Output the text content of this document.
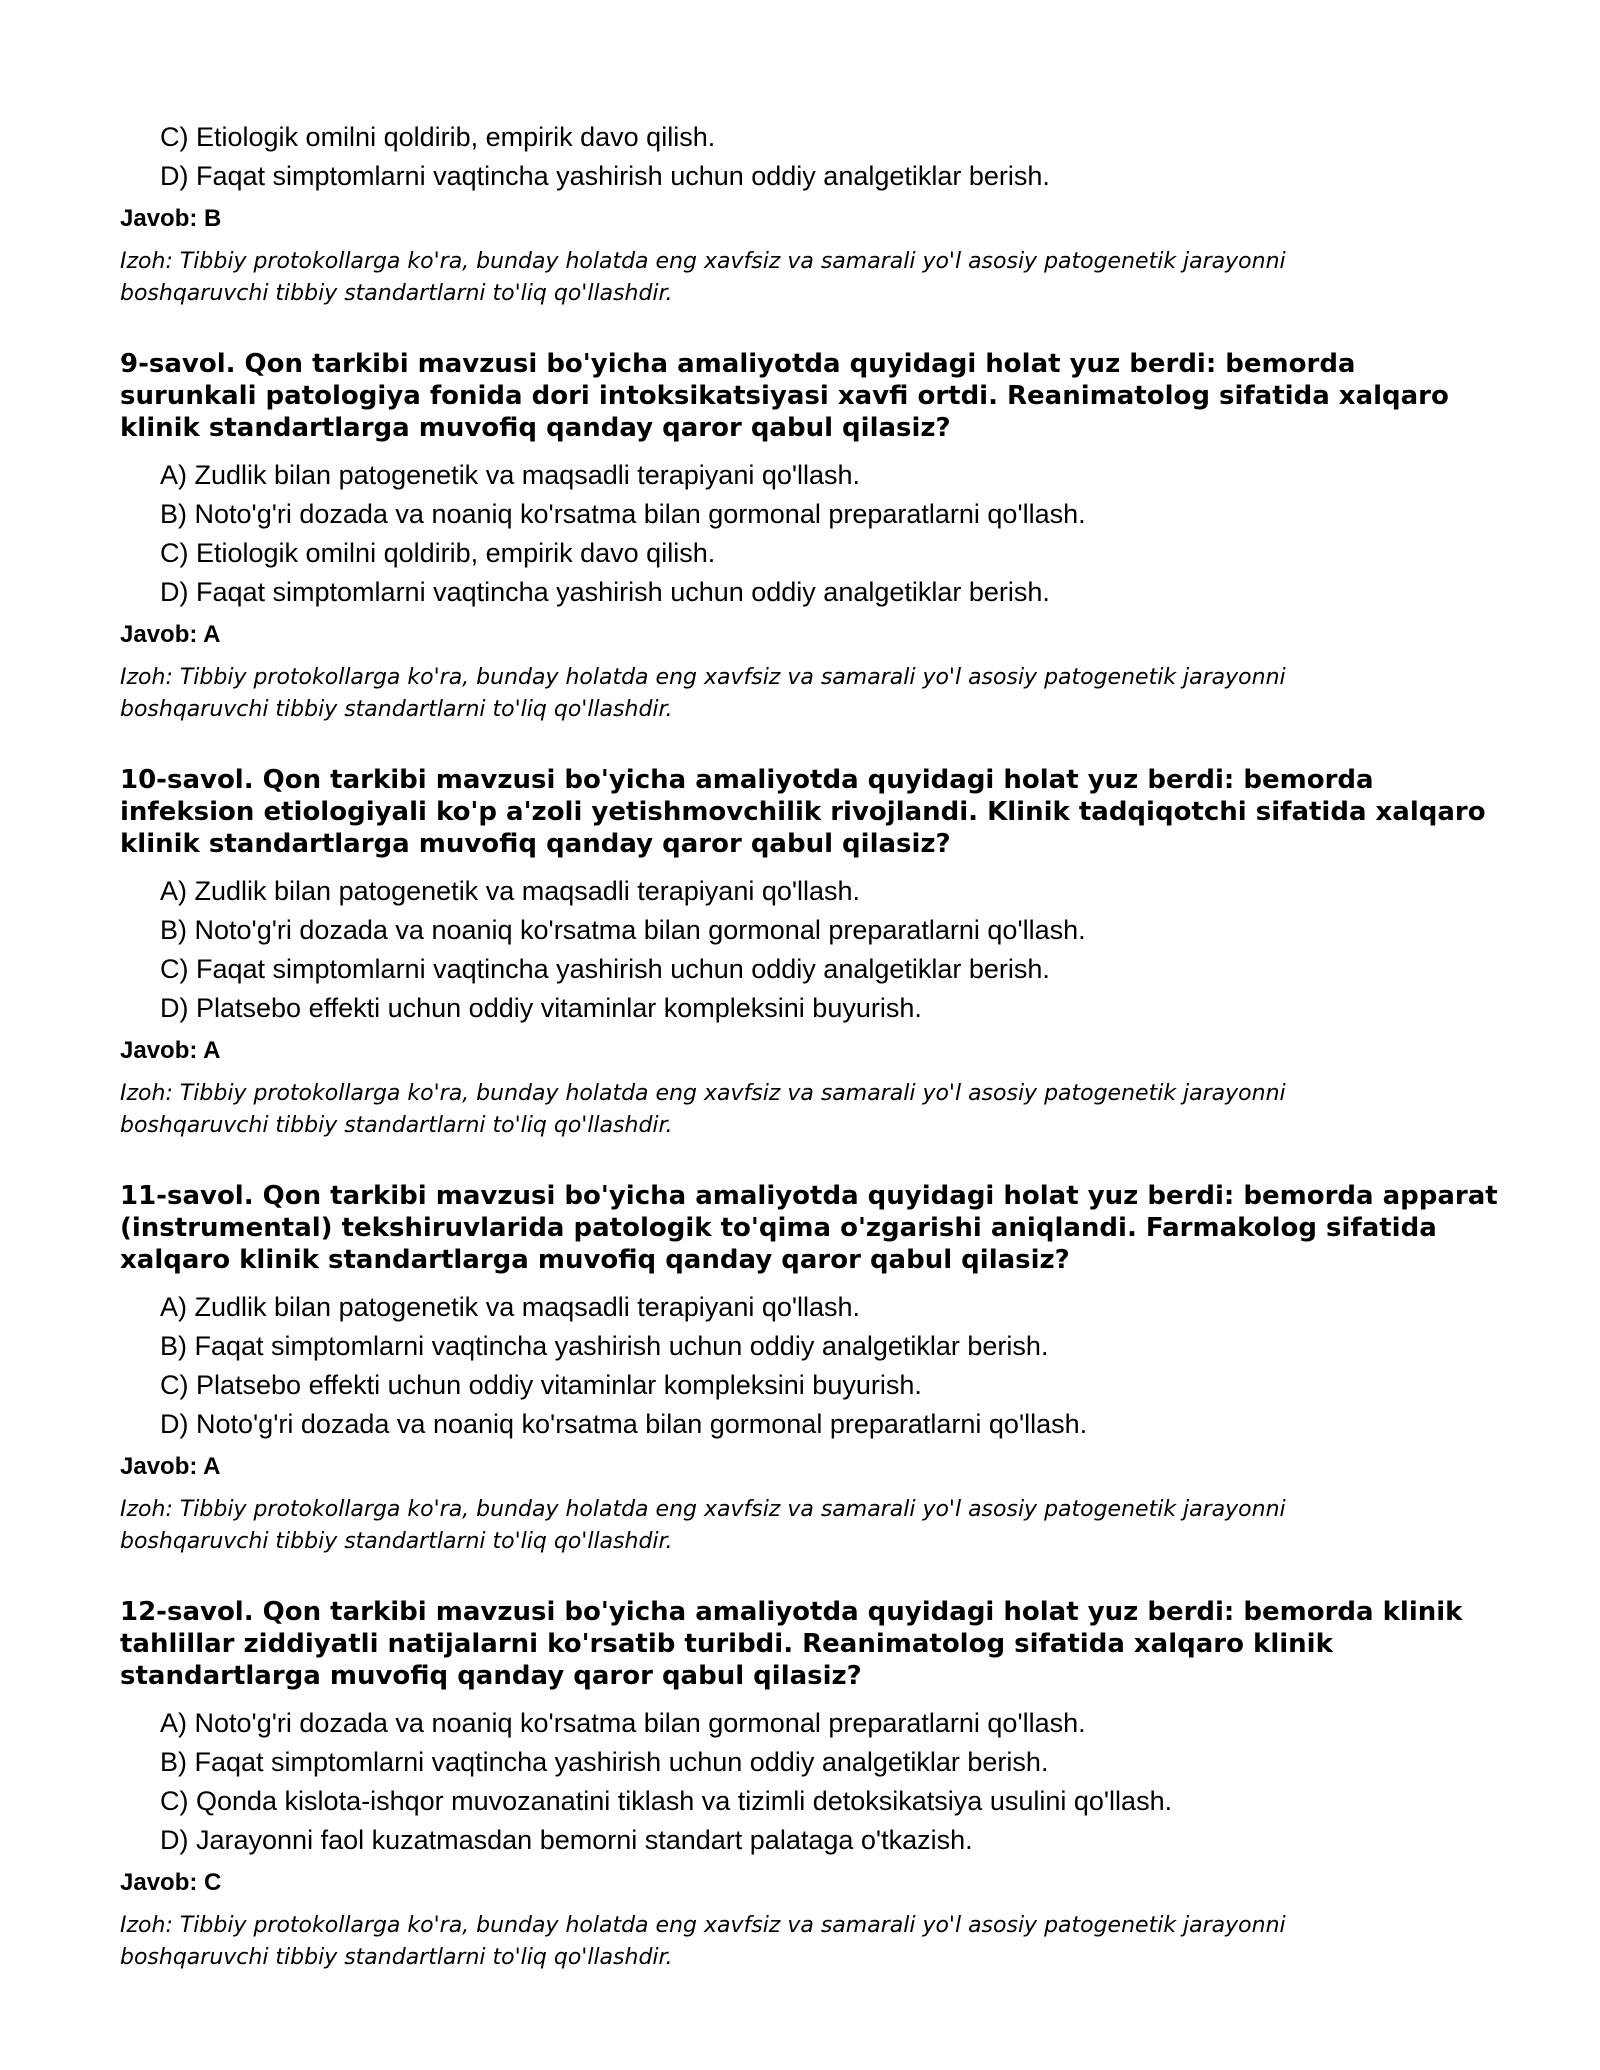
C) Etiologik omilni qoldirib, empirik davo qilish.
D) Faqat simptomlarni vaqtincha yashirish uchun oddiy analgetiklar berish.
Javob: B
Izoh: Tibbiy protokollarga ko'ra, bunday holatda eng xavfsiz va samarali yo'l asosiy patogenetik jarayonni boshqaruvchi tibbiy standartlarni to'liq qo'llashdir.
9-savol. Qon tarkibi mavzusi bo'yicha amaliyotda quyidagi holat yuz berdi: bemorda surunkali patologiya fonida dori intoksikatsiyasi xavfi ortdi. Reanimatolog sifatida xalqaro klinik standartlarga muvofiq qanday qaror qabul qilasiz?
A) Zudlik bilan patogenetik va maqsadli terapiyani qo'llash.
B) Noto'g'ri dozada va noaniq ko'rsatma bilan gormonal preparatlarni qo'llash.
C) Etiologik omilni qoldirib, empirik davo qilish.
D) Faqat simptomlarni vaqtincha yashirish uchun oddiy analgetiklar berish.
Javob: A
Izoh: Tibbiy protokollarga ko'ra, bunday holatda eng xavfsiz va samarali yo'l asosiy patogenetik jarayonni boshqaruvchi tibbiy standartlarni to'liq qo'llashdir.
10-savol. Qon tarkibi mavzusi bo'yicha amaliyotda quyidagi holat yuz berdi: bemorda infeksion etiologiyali ko'p a'zoli yetishmovchilik rivojlandi. Klinik tadqiqotchi sifatida xalqaro klinik standartlarga muvofiq qanday qaror qabul qilasiz?
A) Zudlik bilan patogenetik va maqsadli terapiyani qo'llash.
B) Noto'g'ri dozada va noaniq ko'rsatma bilan gormonal preparatlarni qo'llash.
C) Faqat simptomlarni vaqtincha yashirish uchun oddiy analgetiklar berish.
D) Platsebo effekti uchun oddiy vitaminlar kompleksini buyurish.
Javob: A
Izoh: Tibbiy protokollarga ko'ra, bunday holatda eng xavfsiz va samarali yo'l asosiy patogenetik jarayonni boshqaruvchi tibbiy standartlarni to'liq qo'llashdir.
11-savol. Qon tarkibi mavzusi bo'yicha amaliyotda quyidagi holat yuz berdi: bemorda apparat (instrumental) tekshiruvlarida patologik to'qima o'zgarishi aniqlandi. Farmakolog sifatida xalqaro klinik standartlarga muvofiq qanday qaror qabul qilasiz?
A) Zudlik bilan patogenetik va maqsadli terapiyani qo'llash.
B) Faqat simptomlarni vaqtincha yashirish uchun oddiy analgetiklar berish.
C) Platsebo effekti uchun oddiy vitaminlar kompleksini buyurish.
D) Noto'g'ri dozada va noaniq ko'rsatma bilan gormonal preparatlarni qo'llash.
Javob: A
Izoh: Tibbiy protokollarga ko'ra, bunday holatda eng xavfsiz va samarali yo'l asosiy patogenetik jarayonni boshqaruvchi tibbiy standartlarni to'liq qo'llashdir.
12-savol. Qon tarkibi mavzusi bo'yicha amaliyotda quyidagi holat yuz berdi: bemorda klinik tahlillar ziddiyatli natijalarni ko'rsatib turibdi. Reanimatolog sifatida xalqaro klinik standartlarga muvofiq qanday qaror qabul qilasiz?
A) Noto'g'ri dozada va noaniq ko'rsatma bilan gormonal preparatlarni qo'llash.
B) Faqat simptomlarni vaqtincha yashirish uchun oddiy analgetiklar berish.
C) Qonda kislota-ishqor muvozanatini tiklash va tizimli detoksikatsiya usulini qo'llash.
D) Jarayonni faol kuzatmasdan bemorni standart palataga o'tkazish.
Javob: C
Izoh: Tibbiy protokollarga ko'ra, bunday holatda eng xavfsiz va samarali yo'l asosiy patogenetik jarayonni boshqaruvchi tibbiy standartlarni to'liq qo'llashdir.
